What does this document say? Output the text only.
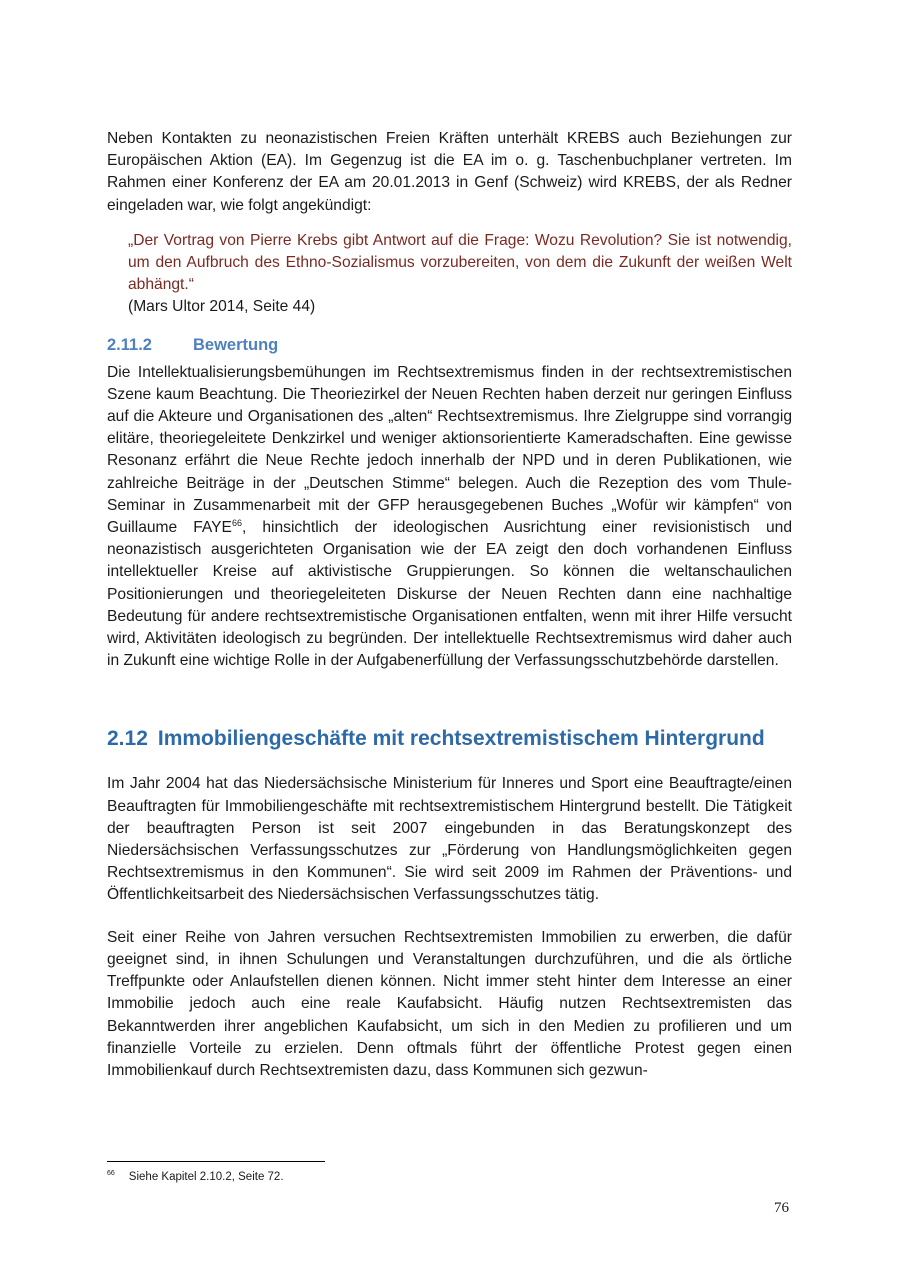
Neben Kontakten zu neonazistischen Freien Kräften unterhält KREBS auch Beziehungen zur Europäischen Aktion (EA). Im Gegenzug ist die EA im o. g. Taschenbuchplaner vertreten. Im Rahmen einer Konferenz der EA am 20.01.2013 in Genf (Schweiz) wird KREBS, der als Redner eingeladen war, wie folgt angekündigt:

„Der Vortrag von Pierre Krebs gibt Antwort auf die Frage: Wozu Revolution? Sie ist notwendig, um den Aufbruch des Ethno-Sozialismus vorzubereiten, von dem die Zukunft der weißen Welt abhängt.“

(Mars Ultor 2014, Seite 44)

2.11.2	Bewertung

Die Intellektualisierungsbemühungen im Rechtsextremismus finden in der rechtsextremistischen Szene kaum Beachtung. Die Theoriezirkel der Neuen Rechten haben derzeit nur geringen Einfluss auf die Akteure und Organisationen des „alten“ Rechtsextremismus. Ihre Zielgruppe sind vorrangig elitäre, theoriegeleitete Denkzirkel und weniger aktionsorientierte Kameradschaften. Eine gewisse Resonanz erfährt die Neue Rechte jedoch innerhalb der NPD und in deren Publikationen, wie zahlreiche Beiträge in der „Deutschen Stimme“ belegen. Auch die Rezeption des vom Thule-Seminar in Zusammenarbeit mit der GFP herausgegebenen Buches „Wofür wir kämpfen“ von Guillaume FAYE$^{66}$, hinsichtlich der ideologischen Ausrichtung einer revisionistisch und neonazistisch ausgerichteten Organisation wie der EA zeigt den doch vorhandenen Einfluss intellektueller Kreise auf aktivistische Gruppierungen. So können die weltanschaulichen Positionierungen und theoriegeleiteten Diskurse der Neuen Rechten dann eine nachhaltige Bedeutung für andere rechtsextremistische Organisationen entfalten, wenn mit ihrer Hilfe versucht wird, Aktivitäten ideologisch zu begründen. Der intellektuelle Rechtsextremismus wird daher auch in Zukunft eine wichtige Rolle in der Aufgabenerfüllung der Verfassungsschutzbehörde darstellen.

2.12 Immobiliengeschäfte mit rechtsextremistischem Hintergrund

Im Jahr 2004 hat das Niedersächsische Ministerium für Inneres und Sport eine Beauftragte/einen Beauftragten für Immobiliengeschäfte mit rechtsextremistischem Hintergrund bestellt. Die Tätigkeit der beauftragten Person ist seit 2007 eingebunden in das Beratungskonzept des Niedersächsischen Verfassungsschutzes zur „Förderung von Handlungsmöglichkeiten gegen Rechtsextremismus in den Kommunen“. Sie wird seit 2009 im Rahmen der Präventions- und Öffentlichkeitsarbeit des Niedersächsischen Verfassungsschutzes tätig.

Seit einer Reihe von Jahren versuchen Rechtsextremisten Immobilien zu erwerben, die dafür geeignet sind, in ihnen Schulungen und Veranstaltungen durchzuführen, und die als örtliche Treffpunkte oder Anlaufstellen dienen können. Nicht immer steht hinter dem Interesse an einer Immobilie jedoch auch eine reale Kaufabsicht. Häufig nutzen Rechtsextremisten das Bekanntwerden ihrer angeblichen Kaufabsicht, um sich in den Medien zu profilieren und um finanzielle Vorteile zu erzielen. Denn oftmals führt der öffentliche Protest gegen einen Immobilienkauf durch Rechtsextremisten dazu, dass Kommunen sich gezwun-

$^{66}$ Siehe Kapitel 2.10.2, Seite 72.
76
